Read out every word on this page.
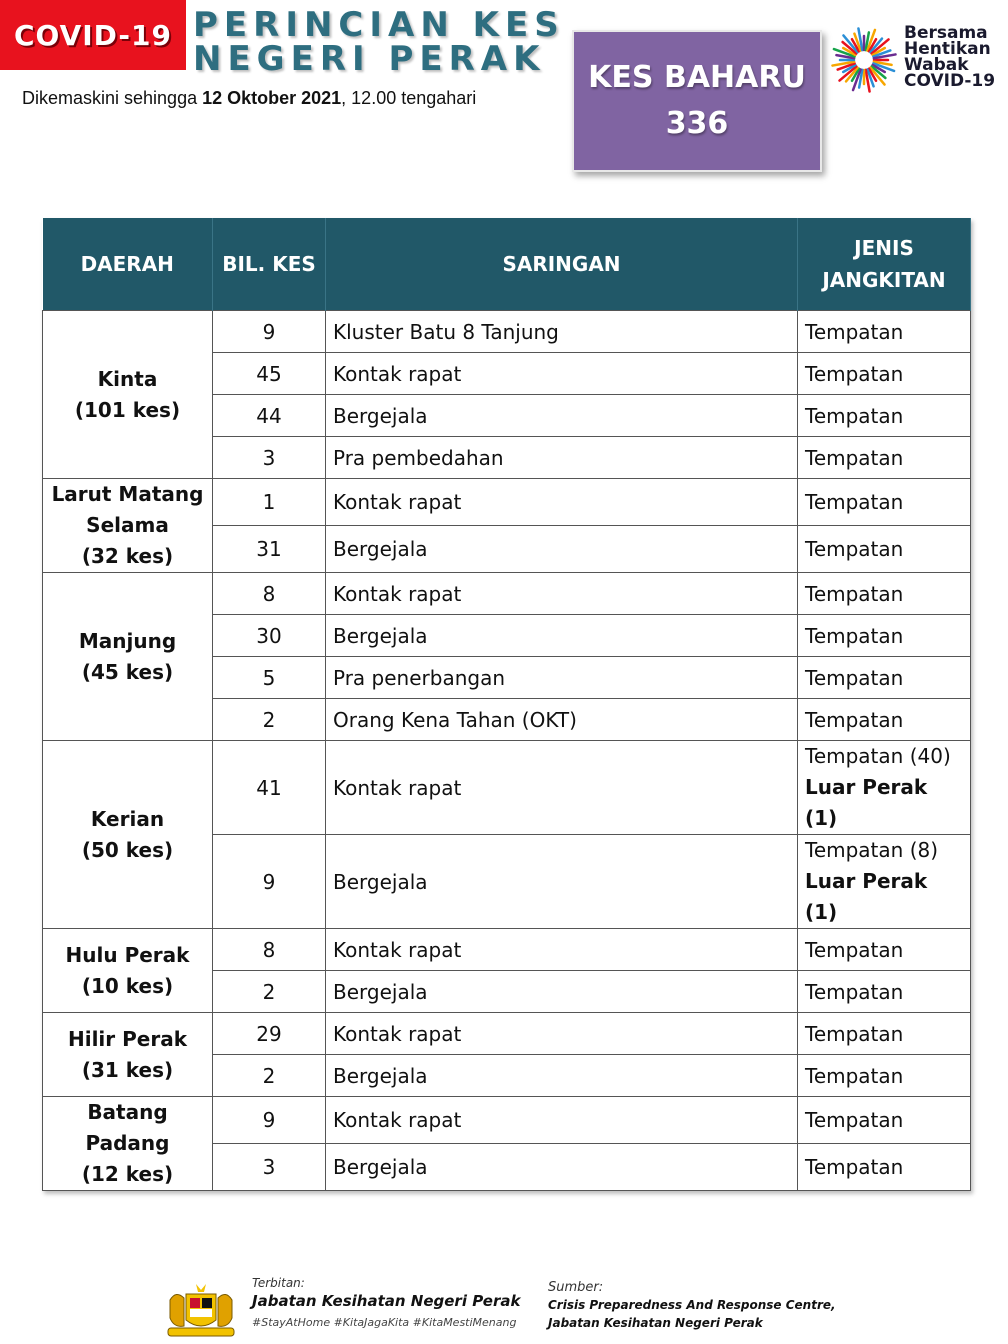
COVID-19 PERINCIAN KES
NEGERI PERAK
Dikemaskini sehingga 12 Oktober 2021, 12.00 tengahari
KES BAHARU
336
Bersama
Hentikan
Wabak
COVID-19
DAERAH	BIL. KES	SARINGAN	JENIS JANGKITAN
Kinta
(101 kes)	9	Kluster Batu 8 Tanjung	Tempatan
	45	Kontak rapat	Tempatan
	44	Bergejala	Tempatan
	3	Pra pembedahan	Tempatan
Larut Matang
Selama
(32 kes)	1	Kontak rapat	Tempatan
	31	Bergejala	Tempatan
Manjung
(45 kes)	8	Kontak rapat	Tempatan
	30	Bergejala	Tempatan
	5	Pra penerbangan	Tempatan
	2	Orang Kena Tahan (OKT)	Tempatan
Kerian
(50 kes)	41	Kontak rapat	Tempatan (40)
Luar Perak (1)

	9	Bergejala	Tempatan (8)
Luar Perak (1)

Hulu Perak
(10 kes)	8	Kontak rapat	Tempatan
	2	Bergejala	Tempatan
Hilir Perak
(31 kes)	29	Kontak rapat	Tempatan
	2	Bergejala	Tempatan
Batang Padang
(12 kes)	9	Kontak rapat	Tempatan
	3	Bergejala	Tempatan
Terbitan:
Jabatan Kesihatan Negeri Perak
#StayAtHome #KitaJagaKita #KitaMestiMenang
Sumber:
Crisis Preparedness And Response Centre,
Jabatan Kesihatan Negeri Perak
